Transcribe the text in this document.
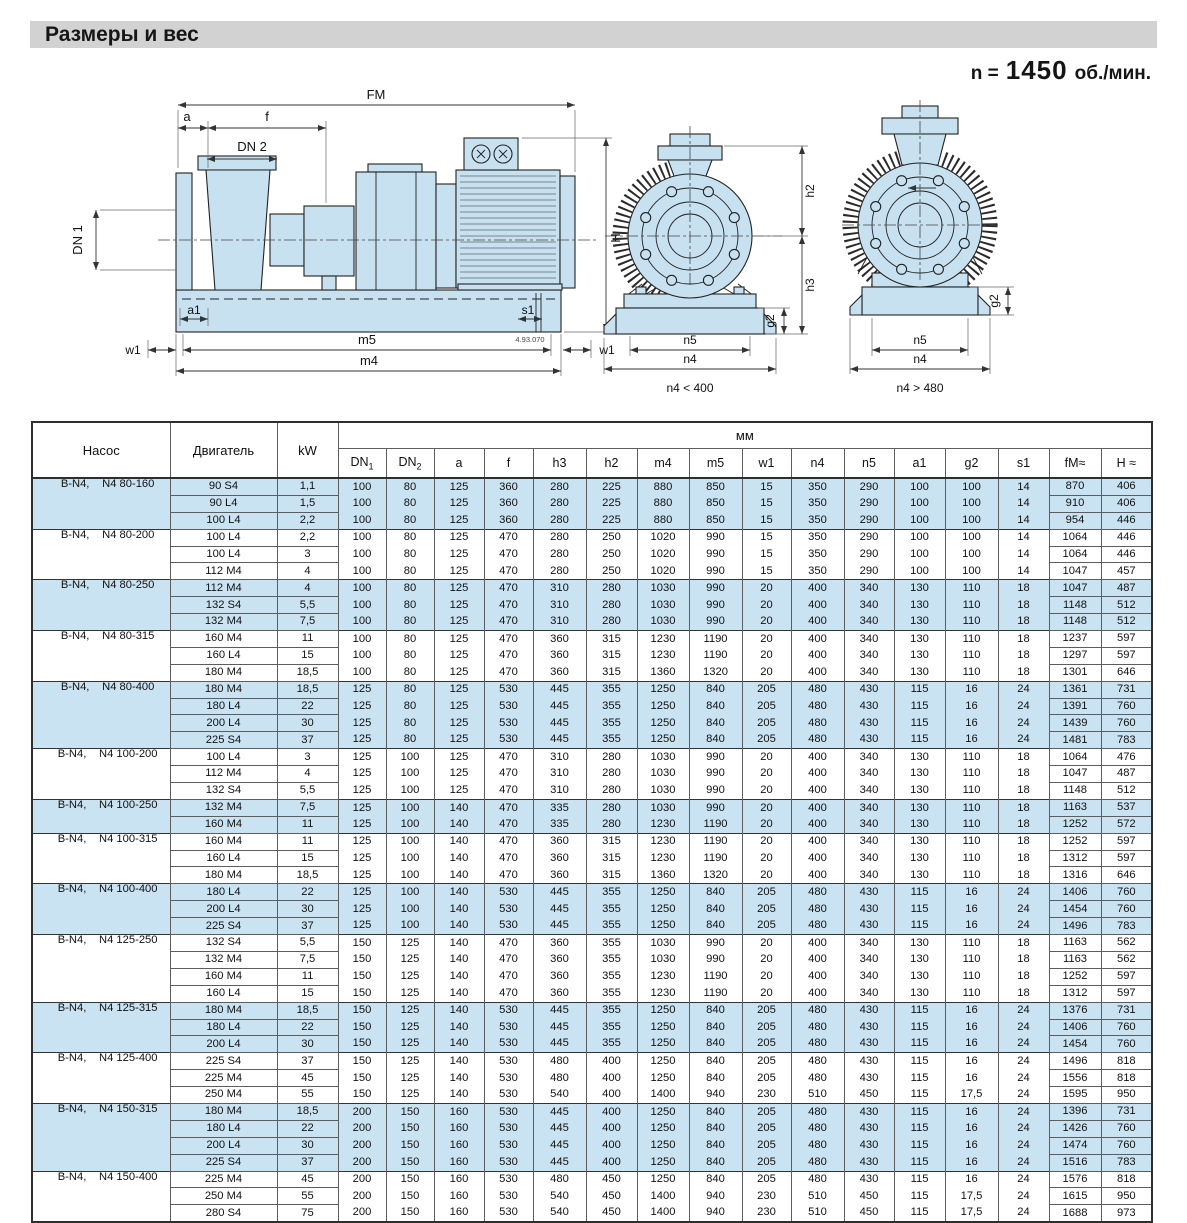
Размеры и вес
n = 1450 об./мин.
FM
a	f
DN 2
DN 1	H
a1	s1
4.93.070
w1
m5
w1
m4
h2
h3
g2
n5
n4
n4 < 400
g2
n5
n4
n4 > 480
Насос	Двигатель	kW	мм															
			$DN_1$	$DN_2$	a	f	h3	h2	m4	m5	w1	n4	n5	a1	g2	s1	fM≈	H ≈
B-N4, N4 80-160	90 S4	1,1	100	80	125	360	280	225	880	850	15	350	290	100	100	14	870	406
	90 L4	1,5	100	80	125	360	280	225	880	850	15	350	290	100	100	14	910	406
	100 L4	2,2	100	80	125	360	280	225	880	850	15	350	290	100	100	14	954	446
B-N4, N4 80-200	100 L4	2,2	100	80	125	470	280	250	1020	990	15	350	290	100	100	14	1064	446
	100 L4	3	100	80	125	470	280	250	1020	990	15	350	290	100	100	14	1064	446
	112 M4	4	100	80	125	470	280	250	1020	990	15	350	290	100	100	14	1047	457
B-N4, N4 80-250	112 M4	4	100	80	125	470	310	280	1030	990	20	400	340	130	110	18	1047	487
	132 S4	5,5	100	80	125	470	310	280	1030	990	20	400	340	130	110	18	1148	512
	132 M4	7,5	100	80	125	470	310	280	1030	990	20	400	340	130	110	18	1148	512
B-N4, N4 80-315	160 M4	11	100	80	125	470	360	315	1230	1190	20	400	340	130	110	18	1237	597
	160 L4	15	100	80	125	470	360	315	1230	1190	20	400	340	130	110	18	1297	597
	180 M4	18,5	100	80	125	470	360	315	1360	1320	20	400	340	130	110	18	1301	646
B-N4, N4 80-400	180 M4	18,5	125	80	125	530	445	355	1250	840	205	480	430	115	16	24	1361	731
	180 L4	22	125	80	125	530	445	355	1250	840	205	480	430	115	16	24	1391	760
	200 L4	30	125	80	125	530	445	355	1250	840	205	480	430	115	16	24	1439	760
	225 S4	37	125	80	125	530	445	355	1250	840	205	480	430	115	16	24	1481	783
B-N4, N4 100-200	100 L4	3	125	100	125	470	310	280	1030	990	20	400	340	130	110	18	1064	476
	112 M4	4	125	100	125	470	310	280	1030	990	20	400	340	130	110	18	1047	487
	132 S4	5,5	125	100	125	470	310	280	1030	990	20	400	340	130	110	18	1148	512
B-N4, N4 100-250	132 M4	7,5	125	100	140	470	335	280	1030	990	20	400	340	130	110	18	1163	537
	160 M4	11	125	100	140	470	335	280	1230	1190	20	400	340	130	110	18	1252	572
B-N4, N4 100-315	160 M4	11	125	100	140	470	360	315	1230	1190	20	400	340	130	110	18	1252	597
	160 L4	15	125	100	140	470	360	315	1230	1190	20	400	340	130	110	18	1312	597
	180 M4	18,5	125	100	140	470	360	315	1360	1320	20	400	340	130	110	18	1316	646
B-N4, N4 100-400	180 L4	22	125	100	140	530	445	355	1250	840	205	480	430	115	16	24	1406	760
	200 L4	30	125	100	140	530	445	355	1250	840	205	480	430	115	16	24	1454	760
	225 S4	37	125	100	140	530	445	355	1250	840	205	480	430	115	16	24	1496	783
B-N4, N4 125-250	132 S4	5,5	150	125	140	470	360	355	1030	990	20	400	340	130	110	18	1163	562
	132 M4	7,5	150	125	140	470	360	355	1030	990	20	400	340	130	110	18	1163	562
	160 M4	11	150	125	140	470	360	355	1230	1190	20	400	340	130	110	18	1252	597
	160 L4	15	150	125	140	470	360	355	1230	1190	20	400	340	130	110	18	1312	597
B-N4, N4 125-315	180 M4	18,5	150	125	140	530	445	355	1250	840	205	480	430	115	16	24	1376	731
	180 L4	22	150	125	140	530	445	355	1250	840	205	480	430	115	16	24	1406	760
	200 L4	30	150	125	140	530	445	355	1250	840	205	480	430	115	16	24	1454	760
B-N4, N4 125-400	225 S4	37	150	125	140	530	480	400	1250	840	205	480	430	115	16	24	1496	818
	225 M4	45	150	125	140	530	480	400	1250	840	205	480	430	115	16	24	1556	818
	250 M4	55	150	125	140	530	540	400	1400	940	230	510	450	115	17,5	24	1595	950
B-N4, N4 150-315	180 M4	18,5	200	150	160	530	445	400	1250	840	205	480	430	115	16	24	1396	731
	180 L4	22	200	150	160	530	445	400	1250	840	205	480	430	115	16	24	1426	760
	200 L4	30	200	150	160	530	445	400	1250	840	205	480	430	115	16	24	1474	760
	225 S4	37	200	150	160	530	445	400	1250	840	205	480	430	115	16	24	1516	783
B-N4, N4 150-400	225 M4	45	200	150	160	530	480	450	1250	840	205	480	430	115	16	24	1576	818
	250 M4	55	200	150	160	530	540	450	1400	940	230	510	450	115	17,5	24	1615	950
	280 S4	75	200	150	160	530	540	450	1400	940	230	510	450	115	17,5	24	1688	973
